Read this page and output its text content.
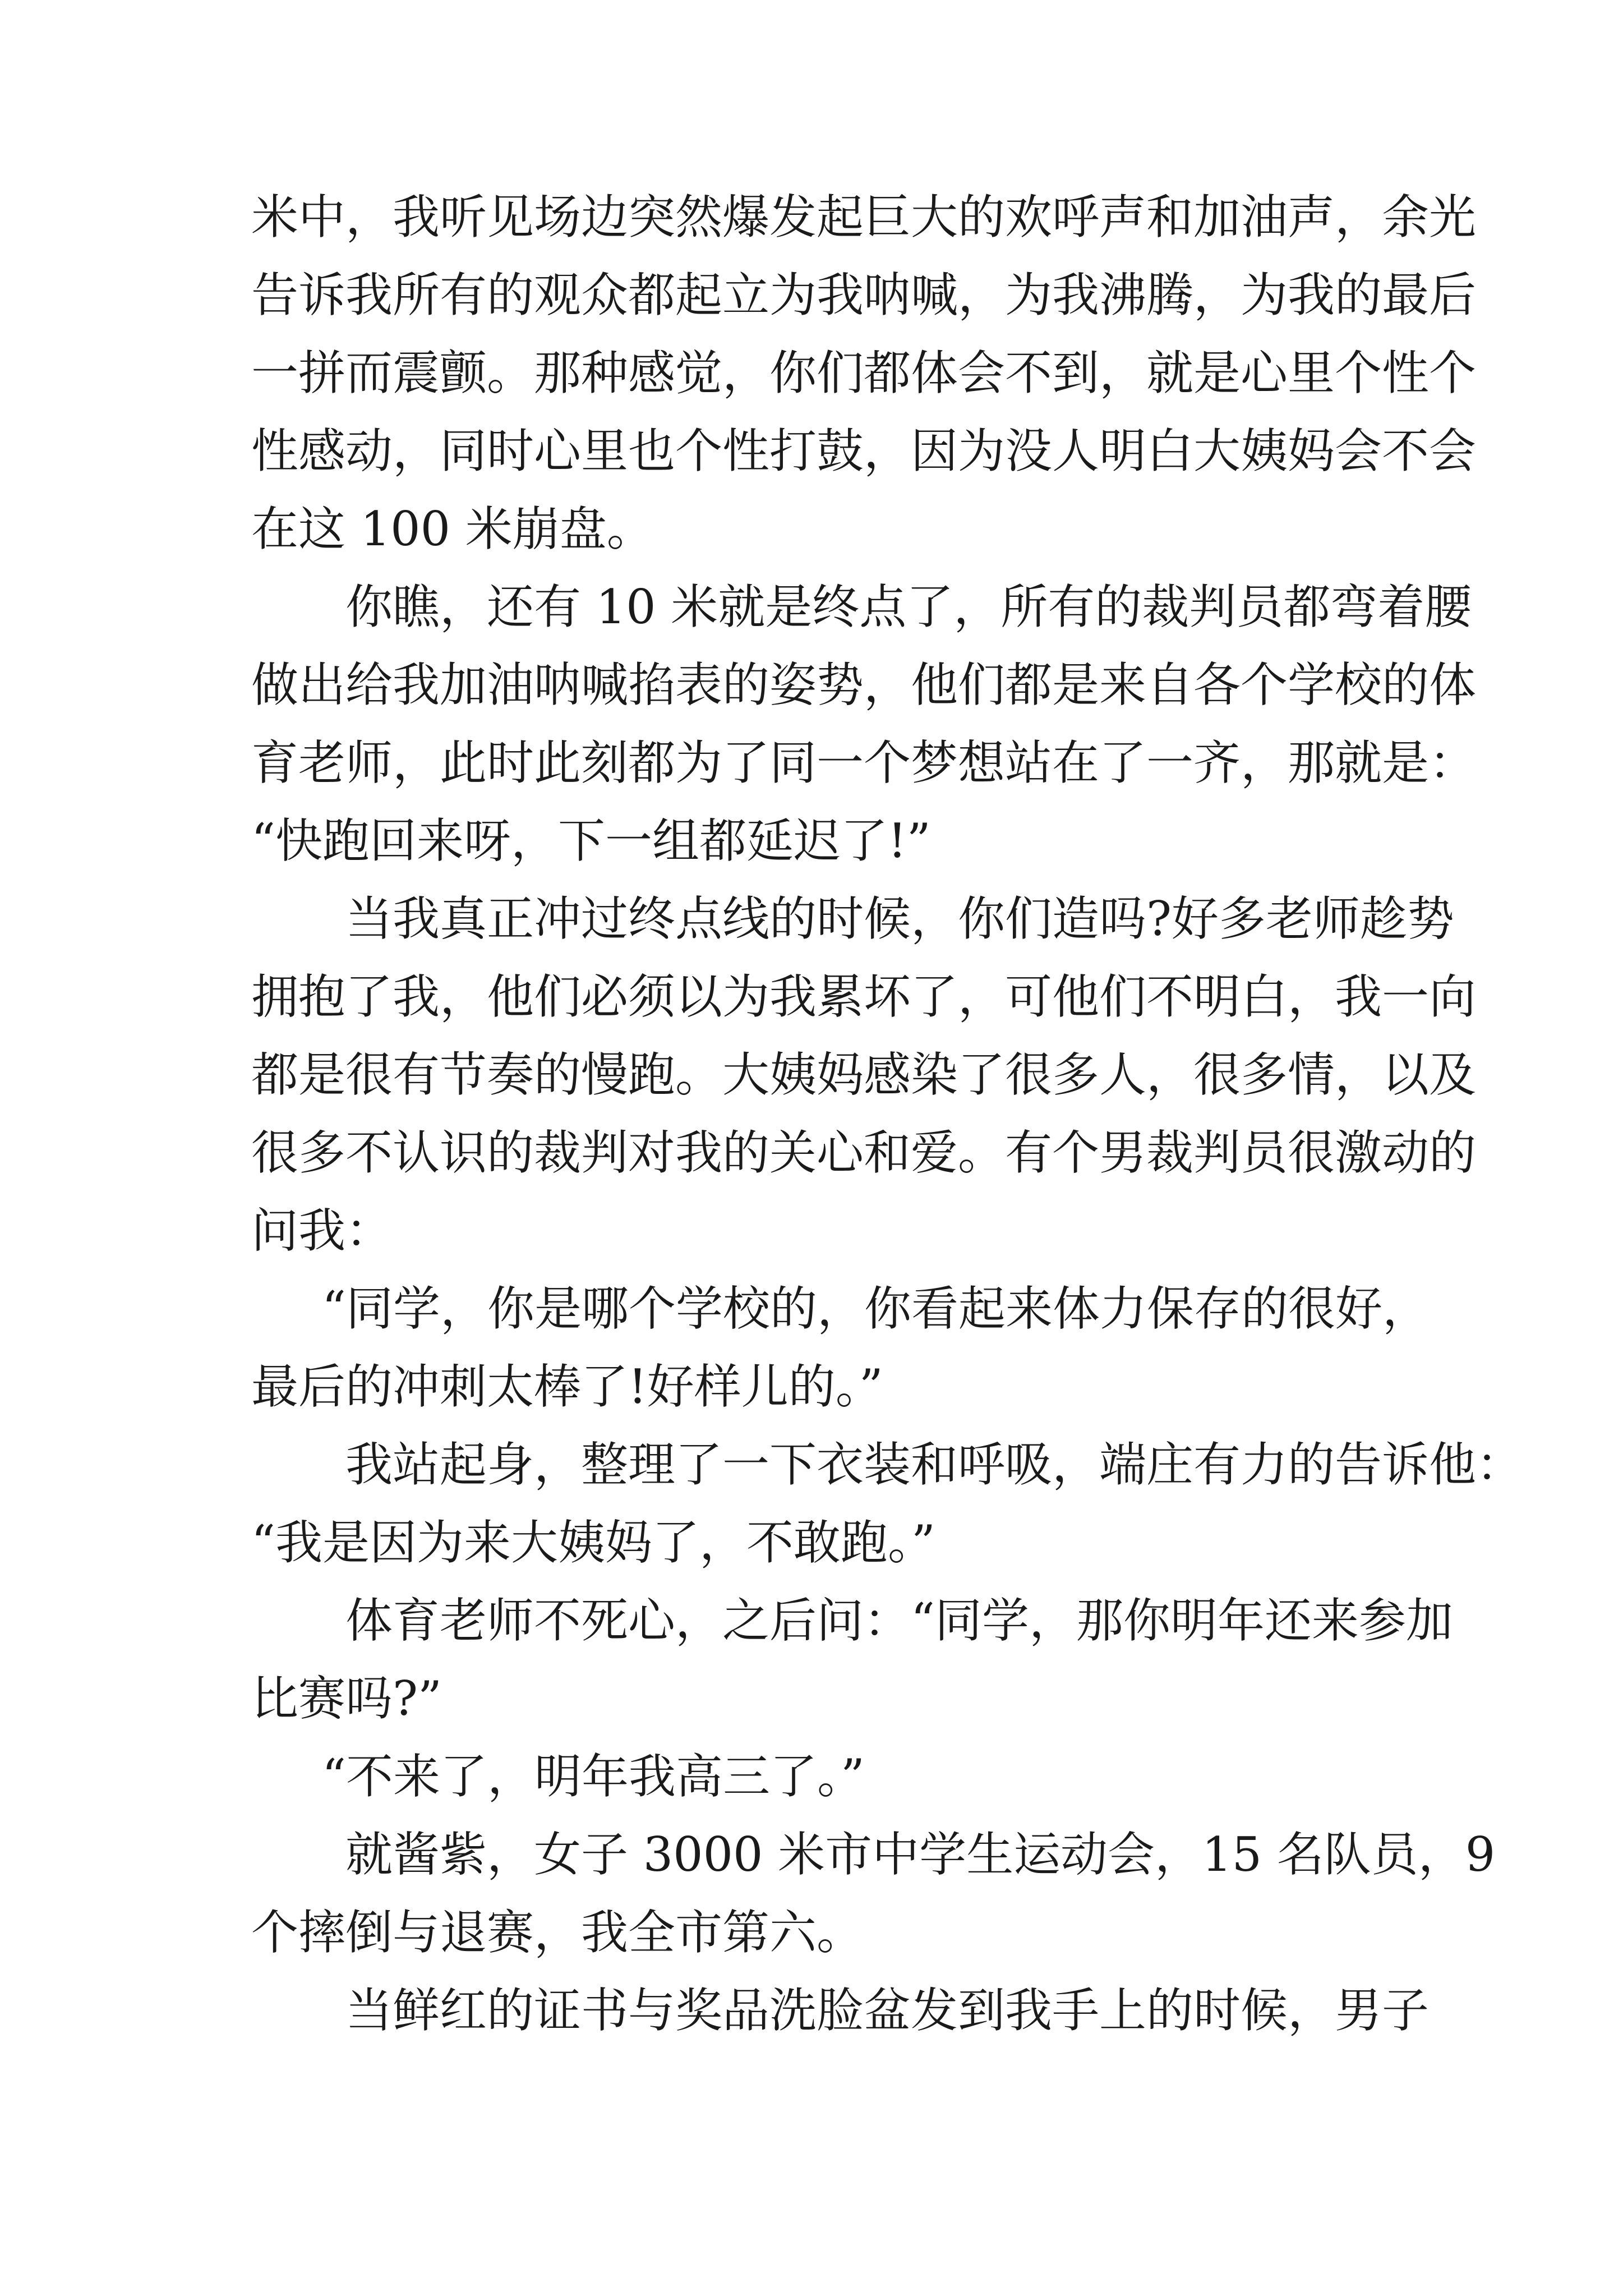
米中，我听见场边突然爆发起巨大的欢呼声和加油声，余光
告诉我所有的观众都起立为我呐喊，为我沸腾，为我的最后
一拼而震颤。那种感觉，你们都体会不到，就是心里个性个
性感动，同时心里也个性打鼓，因为没人明白大姨妈会不会
在这 100 米崩盘。
你瞧，还有 10 米就是终点了，所有的裁判员都弯着腰
做出给我加油呐喊掐表的姿势，他们都是来自各个学校的体
育老师，此时此刻都为了同一个梦想站在了一齐，那就是：
“快跑回来呀，下一组都延迟了!”
当我真正冲过终点线的时候，你们造吗?好多老师趁势
拥抱了我，他们必须以为我累坏了，可他们不明白，我一向
都是很有节奏的慢跑。大姨妈感染了很多人，很多情，以及
很多不认识的裁判对我的关心和爱。有个男裁判员很激动的
问我：
“同学，你是哪个学校的，你看起来体力保存的很好，
最后的冲刺太棒了!好样儿的。”
我站起身，整理了一下衣装和呼吸，端庄有力的告诉他：
“我是因为来大姨妈了，不敢跑。”
体育老师不死心，之后问：“同学，那你明年还来参加
比赛吗?”
“不来了，明年我高三了。”
就酱紫，女子 3000 米市中学生运动会，15 名队员，9
个摔倒与退赛，我全市第六。
当鲜红的证书与奖品洗脸盆发到我手上的时候，男子
